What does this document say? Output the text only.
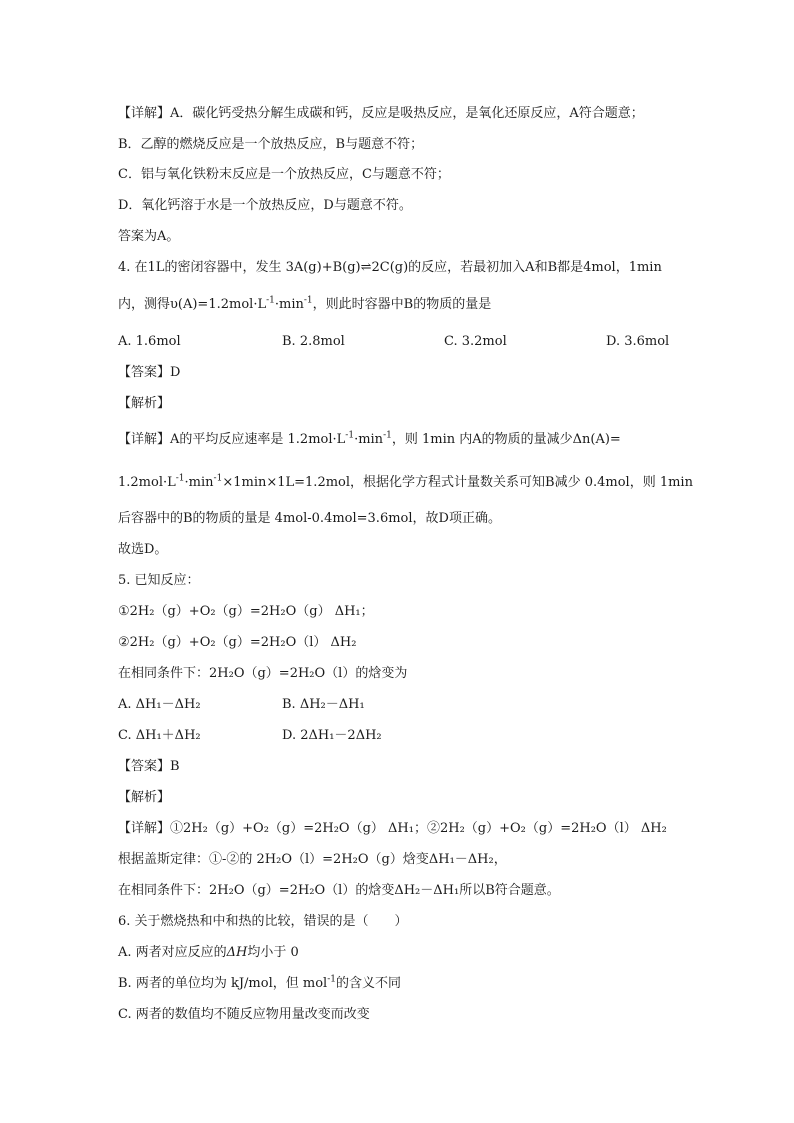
【详解】A．碳化钙受热分解生成碳和钙，反应是吸热反应，是氧化还原反应，A符合题意；
B．乙醇的燃烧反应是一个放热反应，B与题意不符；
C．铝与氧化铁粉末反应是一个放热反应，C与题意不符；
D．氧化钙溶于水是一个放热反应，D与题意不符。
答案为A。
4. 在1L的密闭容器中，发生 3A(g)+B(g)⇌2C(g)的反应，若最初加入A和B都是4mol，1min
内，测得$\upsilon(A)=1.2mol\cdot L^{-1}\cdot\min^{-1}$，则此时容器中B的物质的量是
A. 1.6mol	B. 2.8mol	C. 3.2mol	D. 3.6mol
【答案】D
【解析】
【详解】A的平均反应速率是 $1.2mol\cdot L^{-1}\cdot\min^{-1}$，则 1min 内A的物质的量减少Δn(A)=
$1.2mol\cdot L^{-1}\cdot\min^{-1}\times 1\min\times 1L=1.2mol$，根据化学方程式计量数关系可知B减少 0.4mol，则 1min
后容器中的B的物质的量是 4mol-0.4mol=3.6mol，故D项正确。
故选D。
5. 已知反应：
①2H₂（g）+O₂（g）=2H₂O（g） ΔH₁；
②2H₂（g）+O₂（g）=2H₂O（l） ΔH₂
在相同条件下：2H₂O（g）=2H₂O（l）的焓变为
A. ΔH₁－ΔH₂	B. ΔH₂－ΔH₁
C. ΔH₁＋ΔH₂	D. 2ΔH₁－2ΔH₂
【答案】B
【解析】
【详解】①2H₂（g）+O₂（g）=2H₂O（g） ΔH₁；②2H₂（g）+O₂（g）=2H₂O（l） ΔH₂
根据盖斯定律：①-②的 2H₂O（l）=2H₂O（g）焓变ΔH₁－ΔH₂，
在相同条件下：2H₂O（g）=2H₂O（l）的焓变ΔH₂－ΔH₁所以B符合题意。
6. 关于燃烧热和中和热的比较，错误的是（　　）
A. 两者对应反应的ΔH均小于 0
B. 两者的单位均为 kJ/mol，但 mol$^{-1}$的含义不同
C. 两者的数值均不随反应物用量改变而改变
